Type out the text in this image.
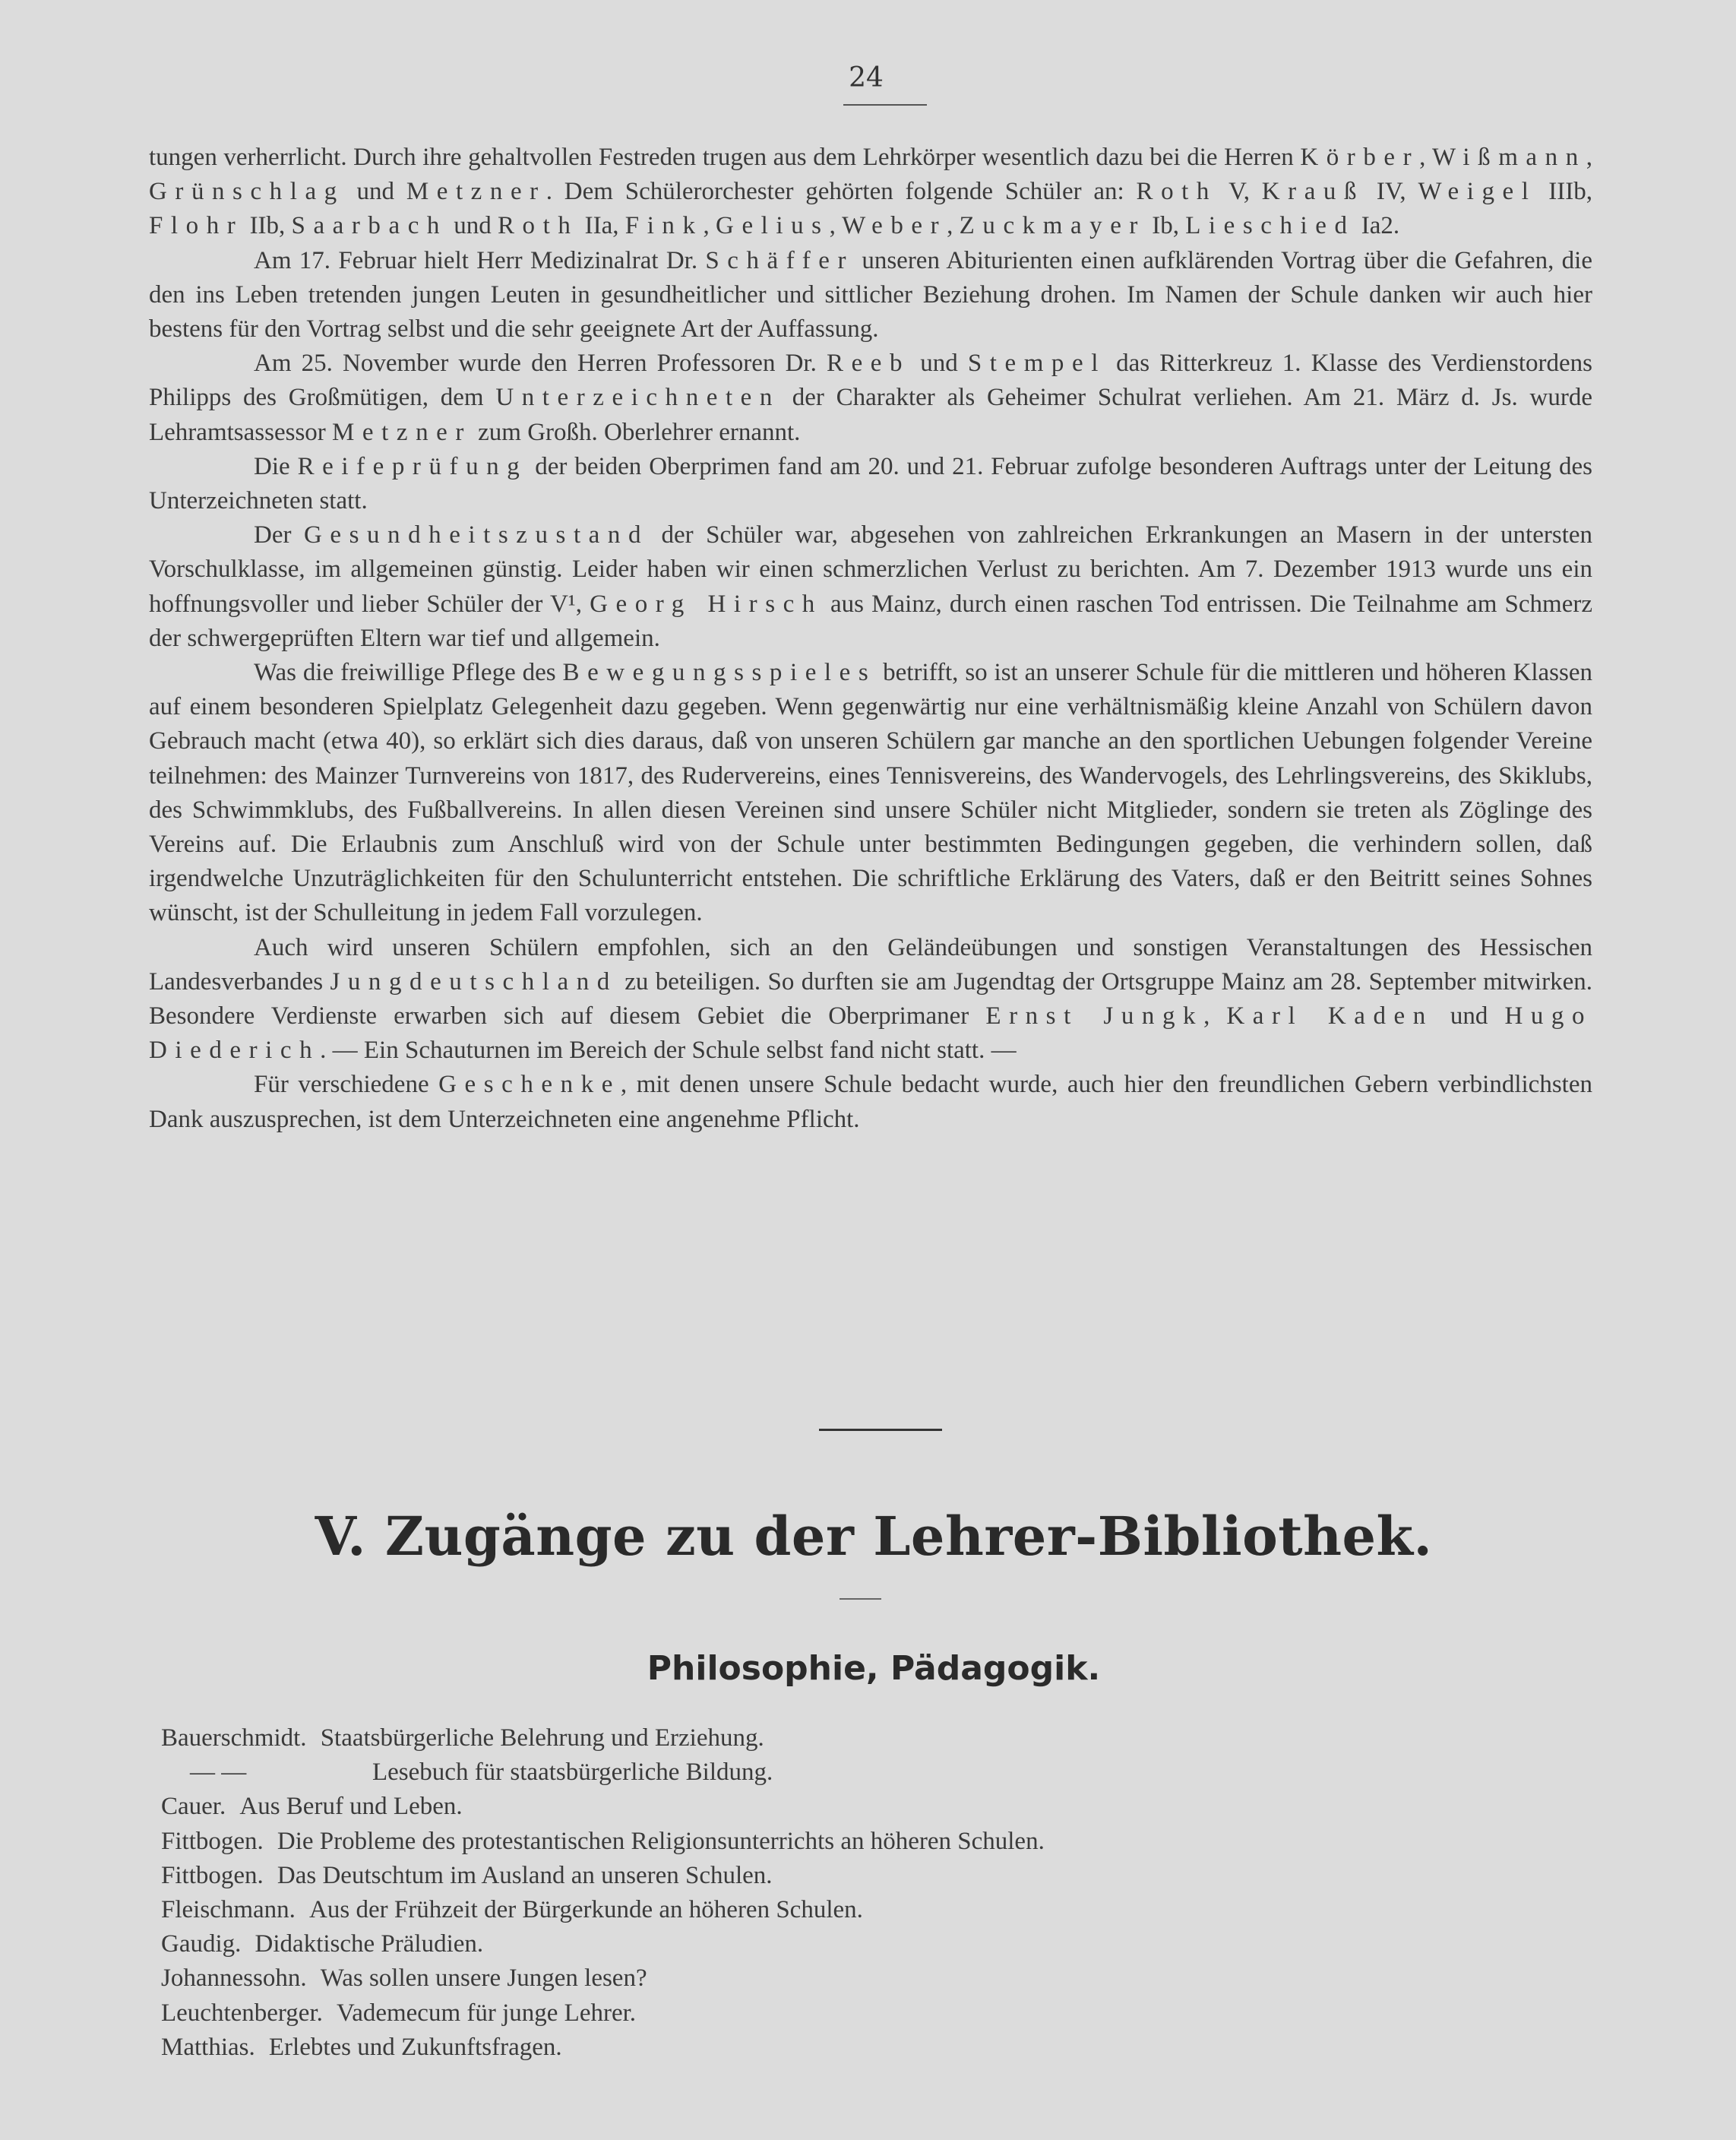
24

tungen verherrlicht. Durch ihre gehaltvollen Festreden trugen aus dem Lehrkörper wesentlich dazu bei die Herren Körber, Wißmann, Grünschlag und Metzner. Dem Schülerorchester gehörten folgende Schüler an: Roth V, Krauß IV, Weigel IIIb, Flohr IIb, Saarbach und Roth IIa, Fink, Gelius, Weber, Zuckmayer Ib, Lieschied Ia2.

Am 17. Februar hielt Herr Medizinalrat Dr. Schäffer unseren Abiturienten einen aufklärenden Vortrag über die Gefahren, die den ins Leben tretenden jungen Leuten in gesundheitlicher und sittlicher Beziehung drohen. Im Namen der Schule danken wir auch hier bestens für den Vortrag selbst und die sehr geeignete Art der Auffassung.

Am 25. November wurde den Herren Professoren Dr. Reeb und Stempel das Ritterkreuz 1. Klasse des Verdienstordens Philipps des Großmütigen, dem Unterzeichneten der Charakter als Geheimer Schulrat verliehen. Am 21. März d. Js. wurde Lehramtsassessor Metzner zum Großh. Oberlehrer ernannt.

Die Reifeprüfung der beiden Oberprimen fand am 20. und 21. Februar zufolge besonderen Auftrags unter der Leitung des Unterzeichneten statt.

Der Gesundheitszustand der Schüler war, abgesehen von zahlreichen Erkrankungen an Masern in der untersten Vorschulklasse, im allgemeinen günstig. Leider haben wir einen schmerzlichen Verlust zu berichten. Am 7. Dezember 1913 wurde uns ein hoffnungsvoller und lieber Schüler der V¹, Georg Hirsch aus Mainz, durch einen raschen Tod entrissen. Die Teilnahme am Schmerz der schwergeprüften Eltern war tief und allgemein.

Was die freiwillige Pflege des Bewegungsspieles betrifft, so ist an unserer Schule für die mittleren und höheren Klassen auf einem besonderen Spielplatz Gelegenheit dazu gegeben. Wenn gegenwärtig nur eine verhältnismäßig kleine Anzahl von Schülern davon Gebrauch macht (etwa 40), so erklärt sich dies daraus, daß von unseren Schülern gar manche an den sportlichen Uebungen folgender Vereine teilnehmen: des Mainzer Turnvereins von 1817, des Rudervereins, eines Tennisvereins, des Wandervogels, des Lehrlingsvereins, des Skiklubs, des Schwimmklubs, des Fußballvereins. In allen diesen Vereinen sind unsere Schüler nicht Mitglieder, sondern sie treten als Zöglinge des Vereins auf. Die Erlaubnis zum Anschluß wird von der Schule unter bestimmten Bedingungen gegeben, die verhindern sollen, daß irgendwelche Unzuträglichkeiten für den Schulunterricht entstehen. Die schriftliche Erklärung des Vaters, daß er den Beitritt seines Sohnes wünscht, ist der Schulleitung in jedem Fall vorzulegen.

Auch wird unseren Schülern empfohlen, sich an den Geländeübungen und sonstigen Veranstaltungen des Hessischen Landesverbandes Jungdeutschland zu beteiligen. So durften sie am Jugendtag der Ortsgruppe Mainz am 28. September mitwirken. Besondere Verdienste erwarben sich auf diesem Gebiet die Oberprimaner Ernst Jungk, Karl Kaden und Hugo Diederich. — Ein Schauturnen im Bereich der Schule selbst fand nicht statt. —

Für verschiedene Geschenke, mit denen unsere Schule bedacht wurde, auch hier den freundlichen Gebern verbindlichsten Dank auszusprechen, ist dem Unterzeichneten eine angenehme Pflicht.

V. Zugänge zu der Lehrer-Bibliothek.
Philosophie, Pädagogik.
Bauerschmidt. Staatsbürgerliche Belehrung und Erziehung.
— —	Lesebuch für staatsbürgerliche Bildung.
Cauer. Aus Beruf und Leben.
Fittbogen. Die Probleme des protestantischen Religionsunterrichts an höheren Schulen.
Fittbogen. Das Deutschtum im Ausland an unseren Schulen.
Fleischmann. Aus der Frühzeit der Bürgerkunde an höheren Schulen.
Gaudig. Didaktische Präludien.
Johannessohn. Was sollen unsere Jungen lesen?
Leuchtenberger. Vademecum für junge Lehrer.
Matthias. Erlebtes und Zukunftsfragen.
